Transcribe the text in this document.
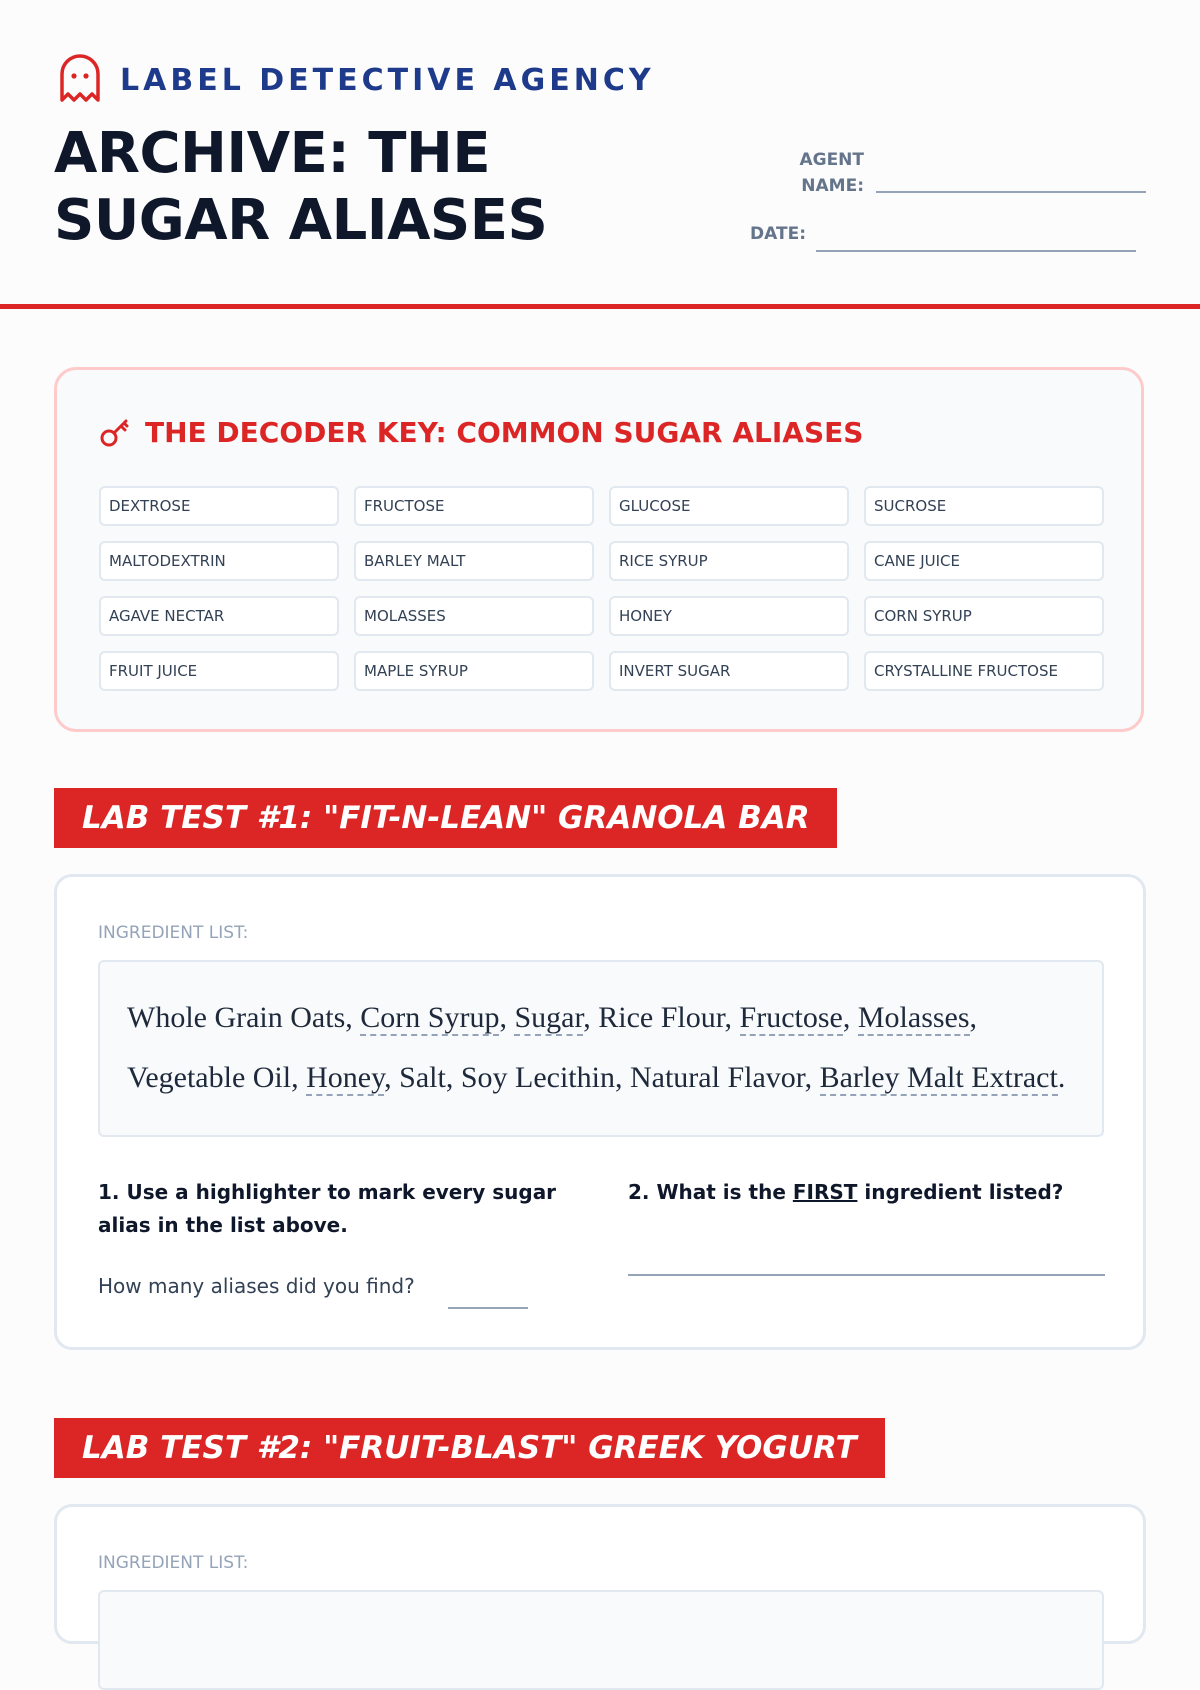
LABEL DETECTIVE AGENCY
ARCHIVE: THE
SUGAR ALIASES
AGENT
NAME:
DATE:
THE DECODER KEY: COMMON SUGAR ALIASES
DEXTROSE	FRUCTOSE	GLUCOSE	SUCROSE
MALTODEXTRIN	BARLEY MALT	RICE SYRUP	CANE JUICE
AGAVE NECTAR	MOLASSES	HONEY	CORN SYRUP
FRUIT JUICE	MAPLE SYRUP	INVERT SUGAR	CRYSTALLINE FRUCTOSE
LAB TEST #1: "FIT-N-LEAN" GRANOLA BAR
INGREDIENT LIST:
Whole Grain Oats, Corn Syrup, Sugar, Rice Flour, Fructose, Molasses, Vegetable Oil, Honey, Salt, Soy Lecithin, Natural Flavor, Barley Malt Extract.
1. Use a highlighter to mark every sugar
alias in the list above.
How many aliases did you find?
2. What is the FIRST ingredient listed?
LAB TEST #2: "FRUIT-BLAST" GREEK YOGURT
INGREDIENT LIST:
